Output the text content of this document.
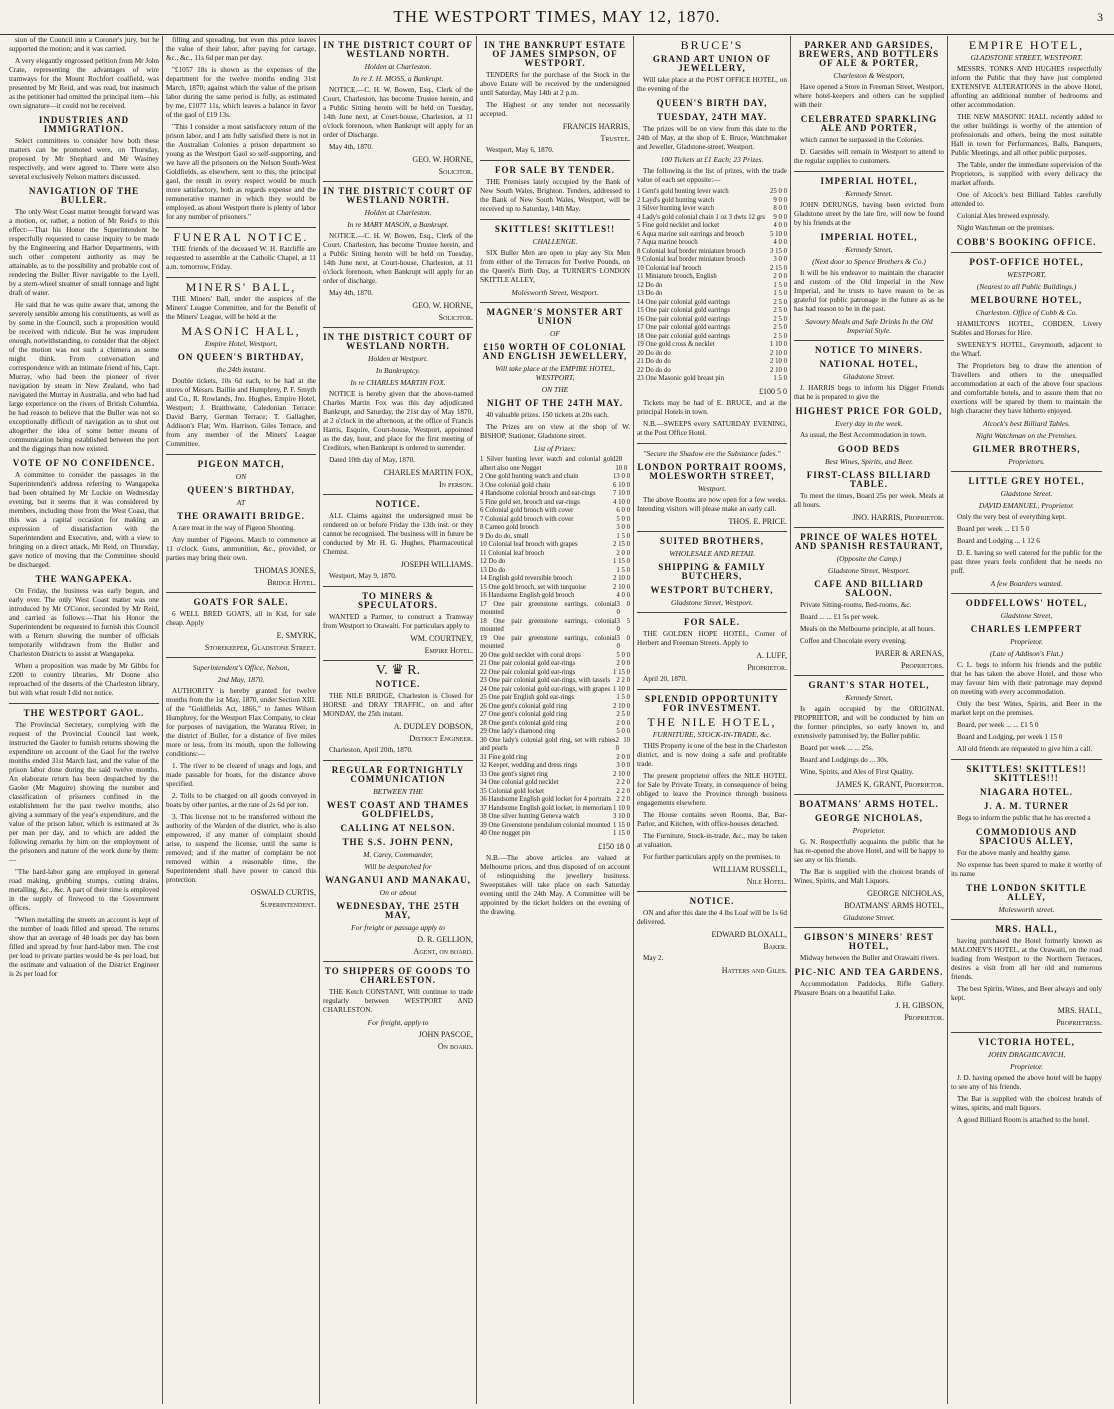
THE WESTPORT TIMES, MAY 12, 1870.	3

sion of the Council into a Coroner's jury, but he supported the motion; and it was carried.

A very elegantly engrossed petition from Mr John Crate, representing the advantages of wire tramways for the Mount Rochfort coalfield, was presented by Mr Reid, and was read, but inasmuch as the petitioner had omitted the principal item—his own signature—it could not be received.

INDUSTRIES AND IMMIGRATION.

Select committees to consider how both these matters can be promoted were, on Thursday, proposed by Mr Shephard and Mr Wastney respectively, and were agreed to. There were also several exclusively Nelson matters discussed.

NAVIGATION OF THE BULLER.

The only West Coast matter brought forward was a motion, or, rather, a notion of Mr Reid's to this effect:—That his Honor the Superintendent be respectfully requested to cause inquiry to be made by the Engineering and Harbor Departments, with such other competent authority as may be attainable, as to the possibility and probable cost of rendering the Buller River navigable to the Lyell, by a stern-wheel steamer of small tonnage and light draft of water.

He said that he was quite aware that, among the severely sensible among his constituents, as well as by some in the Council, such a proposition would be received with ridicule. But he was imprudent enough, notwithstanding, to consider that the object of the motion was not such a chimera as some might think. From conversation and correspondence with an intimate friend of his, Capt. Murray, who had been the pioneer of river navigation by steam in New Zealand, who had navigated the Murray in Australia, and who had had large experience on the rivers of British Columbia, he had reason to believe that the Buller was not so exceptionally difficult of navigation as to shut out altogether the idea of some better means of communication being established between the port and the diggings than now existed.

VOTE OF NO CONFIDENCE.

A committee to consider the passages in the Superintendent's address referring to Wangapeka had been obtained by Mr Luckie on Wednesday evening, but it seems that it was considered by members, including those from the West Coast, that this was a capital occasion for making an expression of dissatisfaction with the Superintendent and Executive, and, with a view to bringing on a direct attack, Mr Reid, on Thursday, gave notice of moving that the Committee should be discharged.

THE WANGAPEKA.

On Friday, the business was early begun, and early over. The only West Coast matter was one introduced by Mr O'Conor, seconded by Mr Reid, and carried as follows:—That his Honor the Superintendent be requested to furnish this Council with a Return showing the number of officials temporarily withdrawn from the Buller and Charleston Districts to assist at Wangapeka.

When a proposition was made by Mr Gibbs for £200 to country libraries, Mr Donne also reproached of the deserts of the Charleston library, but with what result I did not notice.

THE WESTPORT GAOL.

The Provincial Secretary, complying with the request of the Provincial Council last week, instructed the Gaoler to furnish returns showing the expenditure on account of the Gaol for the twelve months ended 31st March last, and the value of the prison labor done during the said twelve months. An elaborate return has been despatched by the Gaoler (Mr Maguire) showing the number and classification of prisoners confined in the establishment for the past twelve months, also giving a summary of the year's expenditure, and the value of the prison labor, which is estimated at 3s per man per day, and to which are added the following remarks by him on the employment of the prisoners and nature of the work done by them:—

"The hard-labor gang are employed in general road making, grubbing stumps, cutting drains, metalling, &c., &c. A part of their time is employed in the supply of firewood to the Government offices.

"When metalling the streets an account is kept of the number of loads filled and spread. The returns show that an average of 48 loads per day has been filled and spread by four hard-labor men. The cost per load to private parties would be 4s per load, but the estimate and valuation of the District Engineer is 2s per load for

filling and spreading, but even this price leaves the value of their labor, after paying for cartage, &c., &c., 11s 6d per man per day.

"£1057 18s is shown as the expenses of the department for the twelve months ending 31st March, 1870; against which the value of the prison labor during the same period is fully, as estimated by me, £1077 11s, which leaves a balance in favor of the gaol of £19 13s.

"This I consider a most satisfactory return of the prison labor, and I am fully satisfied there is not in the Australian Colonies a prison department so young as the Westport Gaol so self-supporting, and we have all the prisoners on the Nelson South-West Goldfields, as elsewhere, sent to this, the principal gaol, the result in every respect would be much more satisfactory, both as regards expense and the remunerative manner in which they would be employed, as about Westport there is plenty of labor for any number of prisoners."

FUNERAL NOTICE.

THE friends of the deceased W. H. Ratcliffe are requested to assemble at the Catholic Chapel, at 11 a.m. tomorrow, Friday.

MINERS' BALL,

THE Miners' Ball, under the auspices of the Miners' League Committee, and for the Benefit of the Miners' League, will be held at the

MASONIC HALL,
Empire Hotel, Westport,
ON QUEEN'S BIRTHDAY,
the 24th instant.

Double tickets, 10s 6d each, to be had at the stores of Messrs. Baillie and Humphrey, P. F. Smyth and Co., R. Rowlands, Jno. Hughes, Empire Hotel, Westport; J. Braithwaite, Caledonian Terrace: David Barry, German Terrace; T. Gallagher, Addison's Flat; Wm. Harrison, Giles Terrace, and from any member of the Miners' League Committee.

PIGEON MATCH,
ON
QUEEN'S BIRTHDAY,
AT
THE ORAWAITI BRIDGE.

A rare treat in the way of Pigeon Shooting.

Any number of Pigeons. Match to commence at 11 o'clock. Guns, ammunition, &c., provided, or parties may bring their own.

THOMAS JONES,
Bridge Hotel.
GOATS FOR SALE.

6 WELL BRED GOATS, all in Kid, for sale cheap. Apply

E. SMYRK,
Storekeeper, Gladstone Street.
Superintendent's Office, Nelson,
2nd May, 1870.

AUTHORITY is hereby granted for twelve months from the 1st May, 1870, under Section XIII. of the "Goldfields Act, 1866," to James Wilson Humphrey, for the Westport Flax Company, to clear for purposes of navigation, the Waratea River, in the district of Buller, for a distance of five miles more or less, from its mouth, upon the following conditions:—

1. The river to be cleared of snags and logs, and made passable for boats, for the distance above specified.

2. Tolls to be charged on all goods conveyed in boats by other parties, at the rate of 2s 6d per ton.

3. This license not to be transferred without the authority of the Warden of the district, who is also empowered, if any matter of complaint should arise, to suspend the license, until the same is removed; and if the matter of complaint be not removed within a reasonable time, the Superintendent shall have power to cancel this protection.

OSWALD CURTIS,
Superintendent.
IN THE DISTRICT COURT OF WESTLAND NORTH.
Holden at Charleston.
In re J. H. MOSS, a Bankrupt.

NOTICE.—C. H. W. Bowen, Esq., Clerk of the Court, Charleston, has become Trustee herein, and a Public Sitting herein will be held on Tuesday, 14th June next, at Court-house, Charleston, at 11 o'clock forenoon, when Bankrupt will apply for an order of Discharge.

May 4th, 1870.

GEO. W. HORNE,
Solicitor.
IN THE DISTRICT COURT OF WESTLAND NORTH.
Holden at Charleston.
In re MARY MASON, a Bankrupt.

NOTICE.—C. H. W. Bowen, Esq., Clerk of the Court, Charleston, has become Trustee herein, and a Public Sitting herein will be held on Tuesday, 14th June next, at Court-house, Charleston, at 11 o'clock forenoon, when Bankrupt will apply for an order of discharge.

May 4th, 1870.

GEO. W. HORNE,
Solicitor.
IN THE DISTRICT COURT OF WESTLAND NORTH.
Holden at Westport.
In Bankruptcy.
In re CHARLES MARTIN FOX.

NOTICE is hereby given that the above-named Charles Martin Fox was this day adjudicated Bankrupt, and Saturday, the 21st day of May 1870, at 2 o'clock in the afternoon, at the office of Francis Harris, Esquire, Court-house, Westport, appointed as the day, hour, and place for the first meeting of Creditors, when Bankrupt is ordered to surrender.

Dated 10th day of May, 1870.

CHARLES MARTIN FOX,
In person.
NOTICE.

ALL Claims against the undersigned must be rendered on or before Friday the 13th inst. or they cannot be recognised. The business will in future be conducted by Mr H. G. Hughes, Pharmaceutical Chemist.

JOSEPH WILLIAMS.

Westport, May 9, 1870.

TO MINERS & SPECULATORS.

WANTED a Partner, to construct a Tramway from Westport to Orawaiti. For particulars apply to

WM. COURTNEY,
Empire Hotel.
V. ♛ R.
NOTICE.

THE NILE BRIDGE, Charleston is Closed for HORSE and DRAY TRAFFIC, on and after MONDAY, the 25th instant.

A. DUDLEY DOBSON,
District Engineer.

Charleston, April 20th, 1870.

REGULAR FORTNIGHTLY COMMUNICATION
BETWEEN THE
WEST COAST AND THAMES GOLDFIELDS,
CALLING AT NELSON.
THE S.S. JOHN PENN,
M. Carey, Commander,
Will be despatched for
WANGANUI AND MANAKAU,
On or about
WEDNESDAY, THE 25TH MAY,
For freight or passage apply to
D. R. GELLION,
Agent, on board.
TO SHIPPERS OF GOODS TO CHARLESTON.

THE Ketch CONSTANT, Will continue to trade regularly between WESTPORT AND CHARLESTON.

For freight, apply to
JOHN PASCOE,
On board.
IN THE BANKRUPT ESTATE OF JAMES SIMPSON, OF WESTPORT.

TENDERS for the purchase of the Stock in the above Estate will be received by the undersigned until Saturday, May 14th at 2 p.m.

The Highest or any tender not necessarily accepted.

FRANCIS HARRIS,
Trustee.

Westport, May 6, 1870.

FOR SALE BY TENDER.

THE Premises lately occupied by the Bank of New South Wales, Brighton. Tenders, addressed to the Bank of New South Wales, Westport, will be received up to Saturday, 14th May.

SKITTLES! SKITTLES!!
CHALLENGE.

SIX Buller Men are open to play any Six Men from either of the Terraces for Twelve Pounds, on the Queen's Birth Day, at TURNER'S LONDON SKITTLE ALLEY,

Molesworth Street, Westport.
MAGNER'S MONSTER ART UNION
OF
£150 WORTH OF COLONIAL AND ENGLISH JEWELLERY,
Will take place at the EMPIRE HOTEL, WESTPORT,
ON THE
NIGHT OF THE 24TH MAY.

40 valuable prizes. 150 tickets at 20s each.

The Prizes are on view at the shop of W. BISHOP, Stationer, Gladstone street.

List of Prizes:
1 Silver hunting lever watch and colonial gold albert also one Nugget
28 10 0
2 One gold hunting watch and chain	13 0 0
3 One colonial gold chain	6 10 0
4 Handsome colonial brooch and ear-rings	7 10 0
5 Fine gold set, brooch and ear-rings	4 10 0
6 Colonial gold brooch with cover	6 0 0
7 Colonial gold brooch with cover	5 0 0
8 Cameo gold brooch	3 0 0
9 Do do do, small	1 5 0
10 Colonial leaf brooch with grapes	2 15 0
11 Colonial leaf brooch	2 0 0
12 Do do	1 15 0
13 Do do	1 5 0
14 English gold reversible brooch	2 10 0
15 One gold brooch, set with turquoise	2 10 0
16 Handsome English gold brooch	4 0 0
17 One pair greenstone earrings, colonial mounted
3 0 0
18 One pair greenstone earrings, colonial mounted
3 5 0
19 One pair greenstone earrings, colonial mounted
3 0 0
20 One gold necklet with coral drops	5 0 0
21 One pair colonial gold ear-rings	2 0 0
22 One pair colonial gold ear-rings	1 15 0
23 One pair colonial gold ear-rings, with tassels 2 2 0
24 One pair colonial gold ear-rings, with grapes 1 10 0
25 One pair English gold ear-rings	1 5 0
26 One gent's colonial gold ring	2 10 0
27 One gent's colonial gold ring	2 5 0
28 One gent's colonial gold ring	2 0 0
29 One lady's diamond ring	5 0 0
30 One lady's colonial gold ring, set with rubies and pearls
2 10 0
31 Fine gold ring	2 0 0
32 Keeper, wedding and dress rings	3 0 0
33 One gent's signet ring	2 10 0
34 One colonial gold necklet	2 2 0
35 Colonial gold locket	2 2 0
36 Handsome English gold locket for 4 portraits 2 2 0
37 Handsome English gold locket, in memoriam 1 10 0
38 One silver hunting Geneva watch	3 10 0
39 One Greenstone pendulum colonial mounted 1 15 0
40 One nugget pin	1 15 0
£150 18 0

N.B.—The above articles are valued at Melbourne prices, and thus disposed of on account of relinquishing the jewellery business. Sweepstakes will take place on each Saturday evening until the 24th May. A Committee will be appointed by the ticket holders on the evening of the drawing.

BRUCE'S
GRAND ART UNION OF JEWELLERY,

Will take place at the POST OFFICE HOTEL, on the evening of the

QUEEN'S BIRTH DAY,
TUESDAY, 24TH MAY.

The prizes will be on view from this date to the 24th of May, at the shop of E. Bruce, Watchmaker and Jeweller, Gladstone-street, Westport.

100 Tickets at £1 Each; 23 Prizes.

The following is the list of prizes, with the trade value of each set opposite:—

1 Gent's gold hunting lever watch	25 0 0
2 Layd's gold hunting watch	9 0 0
3 Silver hunting lever watch	8 0 0
4 Lady's gold colonial chain 1 oz 3 dwts 12 grs 9 0 0
5 Fine gold necklet and locket	4 0 0
6 Aqua marine suit earrings and brooch	5 10 0
7 Aqua marine brooch	4 0 0
8 Colonial leaf border miniature brooch	3 15 0
9 Colonial leaf border miniature brooch	3 0 0
10 Colonial leaf brooch	2 15 0
11 Miniature brooch, English	2 0 0
12 Do do	1 5 0
13 Do do	1 5 0
14 One pair colonial gold earrings	2 5 0
15 One pair colonial gold earrings	2 5 0
16 One pair colonial gold earrings	2 5 0
17 One pair colonial gold earrings	2 5 0
18 One pair colonial gold earrings	2 5 0
19 One gold cross & necklet	1 10 0
20 Do do do	2 10 0
21 Do do do	2 10 0
22 Do do do	2 10 0
23 One Masonic gold breast pin	1 5 0
£100 5 0

Tickets may be had of E. BRUCE, and at the principal Hotels in town.

N.B.—SWEEPS every SATURDAY EVENING, at the Post Office Hotel.

"Secure the Shadow ere the Substance fades."
LONDON PORTRAIT ROOMS, MOLESWORTH STREET,
Westport.

The above Rooms are now open for a few weeks. Intending visitors will please make an early call.

THOS. E. PRICE.
SUITED BROTHERS,
WHOLESALE AND RETAIL
SHIPPING & FAMILY BUTCHERS,
WESTPORT BUTCHERY,
Gladstone Street, Westport.
FOR SALE.

THE GOLDEN HOPE HOTEL, Corner of Herbert and Freeman Streets. Apply to

A. LUFF,
Proprietor.

April 20, 1870.

SPLENDID OPPORTUNITY FOR INVESTMENT.
THE NILE HOTEL,
FURNITURE, STOCK-IN-TRADE, &c.

THIS Property is one of the best in the Charleston district, and is now doing a safe and profitable trade.

The present proprietor offers the NILE HOTEL for Sale by Private Treaty, in consequence of being obliged to leave the Province through business engagements elsewhere.

The House contains seven Rooms, Bar, Bar-Parlor, and Kitchen, with office-houses detached.

The Furniture, Stock-in-trade, &c., may be taken at valuation.

For further particulars apply on the premises, to

WILLIAM RUSSELL,
Nile Hotel.
NOTICE.

ON and after this date the 4 lbs Loaf will be 1s 6d delivered.

EDWARD BLOXALL,
Baker.

May 2.

Hatters and Giles.
PARKER AND GARSIDES, BREWERS, AND BOTTLERS OF ALE & PORTER,
Charleston & Westport,

Have opened a Store in Freeman Street, Westport, where hotel-keepers and others can be supplied with their

CELEBRATED SPARKLING ALE AND PORTER,

which cannot be surpassed in the Colonies.

D. Garsides will remain in Westport to attend to the regular supplies to customers.

IMPERIAL HOTEL,
Kennedy Street.

JOHN DERUNGS, having been evicted from Gladstone street by the late fire, will now be found by his friends at the

IMPERIAL HOTEL,
Kennedy Street,
(Next door to Spence Brothers & Co.)

It will be his endeavor to maintain the character and custom of the Old Imperial in the New Imperial, and he trusts to have reason to be as grateful for public patronage in the future as as he has had reason to be in the past.

Savoury Meals and Safe Drinks In the Old Imperial Style.
NOTICE TO MINERS.
NATIONAL HOTEL,
Gladstone Street.

J. HARRIS begs to inform his Digger Friends that he is prepared to give the

HIGHEST PRICE FOR GOLD,
Every day in the week.

As usual, the Best Accommodation in town.

GOOD BEDS
Best Wines, Spirits, and Beer.
FIRST-CLASS BILLIARD TABLE.

To meet the times, Board 25s per week. Meals at all hours.

JNO. HARRIS, Proprietor.
PRINCE OF WALES HOTEL AND SPANISH RESTAURANT,
(Opposite the Camp.)
Gladstone Street, Westport.
CAFE AND BILLIARD SALOON.

Private Sitting-rooms, Bed-rooms, &c.

Board ... ... £1 5s per week.

Meals on the Melbourne principle, at all hours.

Coffee and Chocolate every evening.

PARER & ARENAS,
Proprietors.
GRANT'S STAR HOTEL,
Kennedy Street,

Is again occupied by the ORIGINAL PROPRIETOR, and will be conducted by him on the former principles, so early known to, and extensively patronised by, the Buller public.

Board per week ... ... 25s.

Board and Lodgings do ... 30s.

Wine, Spirits, and Ales of First Quality.

JAMES K. GRANT, Proprietor.
BOATMANS' ARMS HOTEL.
GEORGE NICHOLAS,
Proprietor.

G. N. Respectfully acquaints the public that he has re-opened the above Hotel, and will be happy to see any or his friends.

The Bar is supplied with the choicest brands of Wines, Spirits, and Malt Liquors.

GEORGE NICHOLAS,
BOATMANS' ARMS HOTEL,
Gladstone Street.
GIBSON'S MINERS' REST HOTEL,

Midway between the Buller and Orawaiti rivers.

PIC-NIC AND TEA GARDENS.

Accommodation Paddocks. Rifle Gallery. Pleasure Boats on a beautiful Lake.

J. H. GIBSON,
Proprietor.
EMPIRE HOTEL,
GLADSTONE STREET, WESTPORT.

MESSRS. TONKS AND HUGHES respectfully inform the Public that they have just completed EXTENSIVE ALTERATIONS in the above Hotel, affording an additional number of bedrooms and other accommodation.

THE NEW MASONIC HALL recently added to the other buildings is worthy of the attention of professionals and others, being the most suitable Hall in town for Performances, Balls, Banquets, Public Meetings, and all other public purposes.

The Table, under the immediate supervision of the Proprietors, is supplied with every delicacy the market affords.

One of Alcock's best Billiard Tables carefully attended to.

Colonial Ales brewed expressly.

Night Watchman on the premises.

COBB'S BOOKING OFFICE.
POST-OFFICE HOTEL,
WESTPORT,
(Nearest to all Public Buildings.)
MELBOURNE HOTEL,
Charleston. Office of Cobb & Co.

HAMILTON'S HOTEL, COBDEN, Livery Stables and Horses for Hire.

SWEENEY'S HOTEL, Greymouth, adjacent to the Wharf.

The Proprietors beg to draw the attention of Travellers and others to the unequalled accommodation at each of the above four spacious and comfortable hotels, and to assure them that no exertions will be spared by them to maintain the high character they have hitherto enjoyed.

Alcock's best Billiard Tables.
Night Watchman on the Premises.
GILMER BROTHERS,
Proprietors.
LITTLE GREY HOTEL,
Gladstone Street.
DAVID EMANUEL, Proprietor.

Only the very best of everything kept.

Board per week ... £1 5 0

Board and Lodging ... 1 12 6

D. E. having so well catered for the public for the past three years feels confident that he needs no puff.

A few Boarders wanted.
ODDFELLOWS' HOTEL,
Gladstone Street,
CHARLES LEMPFERT
Proprietor.
(Late of Addison's Flat.)

C. L. begs to inform his friends and the public that he has taken the above Hotel, and those who may favour him with their patronage may depend on meeting with every accommodation.

Only the best Wines, Spirits, and Beer in the market kept on the premises.

Board, per week ... ... £1 5 0

Board and Lodging, per week 1 15 0

All old friends are requested to give him a call.

SKITTLES! SKITTLES!! SKITTLES!!!
NIAGARA HOTEL.
J. A. M. TURNER

Begs to inform the public that he has erected a

COMMODIOUS AND SPACIOUS ALLEY,

For the above manly and healthy game.

No expense has been spared to make it worthy of its name

THE LONDON SKITTLE ALLEY,
Molesworth street.
MRS. HALL,

having purchased the Hotel formerly known as MALONEY'S HOTEL, at the Orawaiti, on the road leading from Westport to the Northern Terraces, desires a visit from all her old and numerous friends.

The best Spirits, Wines, and Beer always and only kept.

MRS. HALL,
Proprietress.
VICTORIA HOTEL,
JOHN DRAGHICAVICH,
Proprietor.

J. D. having opened the above hotel will be happy to see any of his friends.

The Bar is supplied with the choicest brands of wines, spirits, and malt liquors.

A good Billiard Room is attached to the hotel.
